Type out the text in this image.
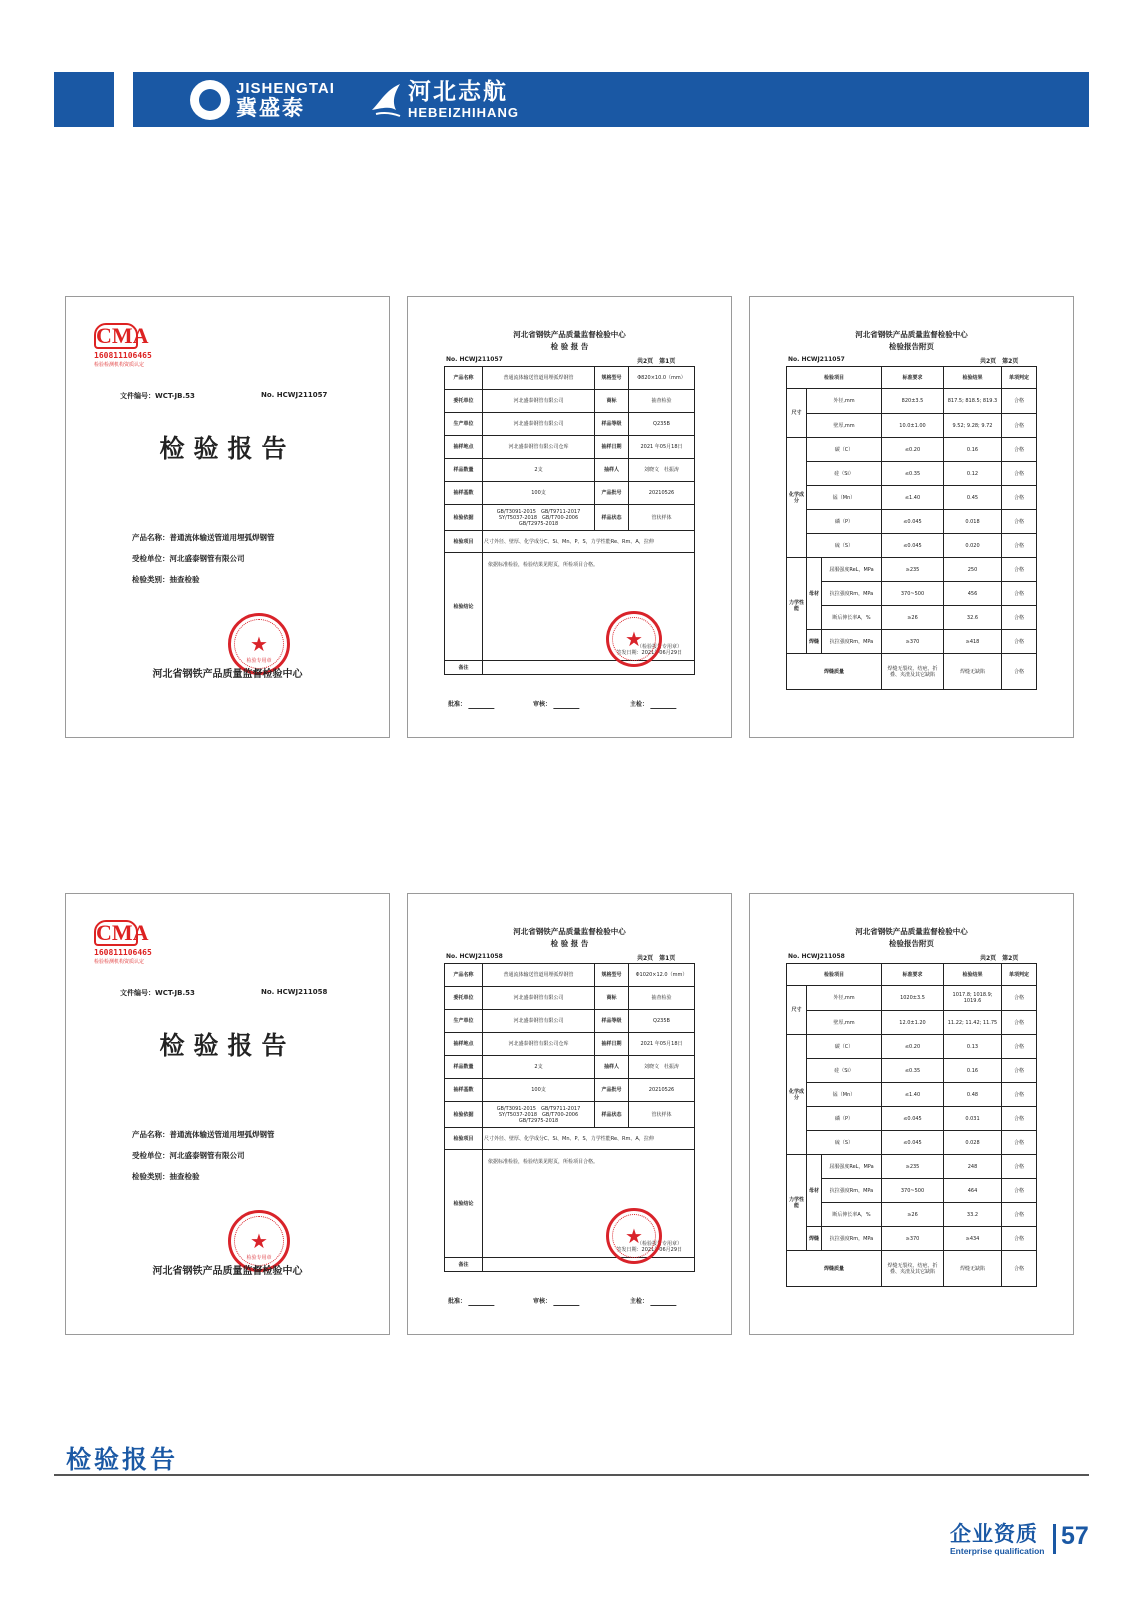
JISHENGTAI
冀盛泰
河北志航
HEBEIZHIHANG
CMA
160811106465
检验检测机构资质认定
文件编号：WCT-JB.53	No. HCWJ211057
检验报告
产品名称：普通流体输送管道用埋弧焊钢管
受检单位：河北盛泰钢管有限公司
检验类别：抽查检验
★
检验专用章
河北省钢铁产品质量监督检验中心
河北省钢铁产品质量监督检验中心
检 验 报 告
No. HCWJ211057	共2页　第1页
产品名称	普通流体输送管道用埋弧焊钢管	规格型号	Φ820×10.0（mm）
委托单位	河北盛泰钢管有限公司	商标	抽查检验
生产单位	河北盛泰钢管有限公司	样品等级	Q235B
抽样地点	河北盛泰钢管有限公司仓库	抽样日期	2021 年05月18日
样品数量	2支	抽样人	刘晓文　杜振涛
抽样基数	100支	产品批号	20210526
检验依据	GB/T3091-2015　GB/T9711-2017　SY/T5037-2018　GB/T700-2006　GB/T2975-2018	样品状态	管状样体
检验项目	尺寸外径、壁厚、化学成分C、Si、Mn、P、S，力学性能Re、Rm、A，拉伸		
检验结论	依据标准检验，检验结果见附页，所检项目合格。
（检验报告专用章）
签发日期：2021年06月29日		

备注			
★
批准：	审核：	主检：
河北省钢铁产品质量监督检验中心
检验报告附页
No. HCWJ211057	共2页　第2页
检验项目			标准要求	检验结果	单项判定
尺寸	外径,mm		820±3.5	817.5; 818.5; 819.3	合格
	壁厚,mm		10.0±1.00	9.52; 9.28; 9.72	合格
化学成分	碳（C）		≤0.20	0.16	合格
	硅（Si）		≤0.35	0.12	合格
	锰（Mn）		≤1.40	0.45	合格
	磷（P）		≤0.045	0.018	合格
	硫（S）		≤0.045	0.020	合格
力学性能	母材	屈服强度ReL，MPa	≥235	250	合格
		抗拉强度Rm，MPa	370~500	456	合格
		断后伸长率A，%	≥26	32.6	合格
	焊缝	抗拉强度Rm，MPa	≥370	≥418	合格
焊缝质量			焊缝无裂纹、结疤、折叠、夹渣及其它缺陷	焊缝无缺陷	合格
CMA
160811106465
检验检测机构资质认定
文件编号：WCT-JB.53	No. HCWJ211058
检验报告
产品名称：普通流体输送管道用埋弧焊钢管
受检单位：河北盛泰钢管有限公司
检验类别：抽查检验
★
检验专用章
河北省钢铁产品质量监督检验中心
河北省钢铁产品质量监督检验中心
检 验 报 告
No. HCWJ211058	共2页　第1页
产品名称	普通流体输送管道用埋弧焊钢管	规格型号	Φ1020×12.0（mm）
委托单位	河北盛泰钢管有限公司	商标	抽查检验
生产单位	河北盛泰钢管有限公司	样品等级	Q235B
抽样地点	河北盛泰钢管有限公司仓库	抽样日期	2021 年05月18日
样品数量	2支	抽样人	刘晓文　杜振涛
抽样基数	100支	产品批号	20210526
检验依据	GB/T3091-2015　GB/T9711-2017　SY/T5037-2018　GB/T700-2006　GB/T2975-2018	样品状态	管状样体
检验项目	尺寸外径、壁厚、化学成分C、Si、Mn、P、S，力学性能Re、Rm、A，拉伸		
检验结论	依据标准检验，检验结果见附页，所检项目合格。
（检验报告专用章）
签发日期：2021年06月29日		

备注			
★
批准：	审核：	主检：
河北省钢铁产品质量监督检验中心
检验报告附页
No. HCWJ211058	共2页　第2页
检验项目			标准要求	检验结果	单项判定
尺寸	外径,mm		1020±3.5	1017.8; 1018.9; 1019.6	合格
	壁厚,mm		12.0±1.20	11.22; 11.42; 11.75	合格
化学成分	碳（C）		≤0.20	0.13	合格
	硅（Si）		≤0.35	0.16	合格
	锰（Mn）		≤1.40	0.48	合格
	磷（P）		≤0.045	0.031	合格
	硫（S）		≤0.045	0.028	合格
力学性能	母材	屈服强度ReL，MPa	≥235	248	合格
		抗拉强度Rm，MPa	370~500	464	合格
		断后伸长率A，%	≥26	33.2	合格
	焊缝	抗拉强度Rm，MPa	≥370	≥434	合格
焊缝质量			焊缝无裂纹、结疤、折叠、夹渣及其它缺陷	焊缝无缺陷	合格
检验报告
企业资质
Enterprise qualification
57
